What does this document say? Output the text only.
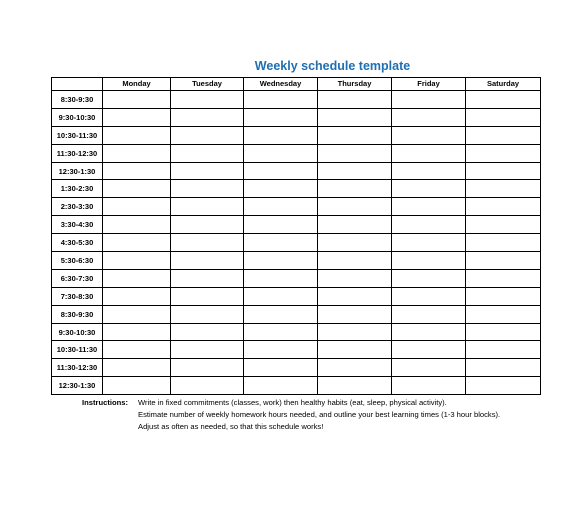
Weekly schedule template
	Monday	Tuesday	Wednesday	Thursday	Friday	Saturday
8:30-9:30						
9:30-10:30						
10:30-11:30						
11:30-12:30						
12:30-1:30						
1:30-2:30						
2:30-3:30						
3:30-4:30						
4:30-5:30						
5:30-6:30						
6:30-7:30						
7:30-8:30						
8:30-9:30						
9:30-10:30						
10:30-11:30						
11:30-12:30						
12:30-1:30						
Instructions: Write in fixed commitments (classes, work) then healthy habits (eat, sleep, physical activity).
Estimate number of weekly homework hours needed, and outline your best learning times (1-3 hour blocks).
Adjust as often as needed, so that this schedule works!
